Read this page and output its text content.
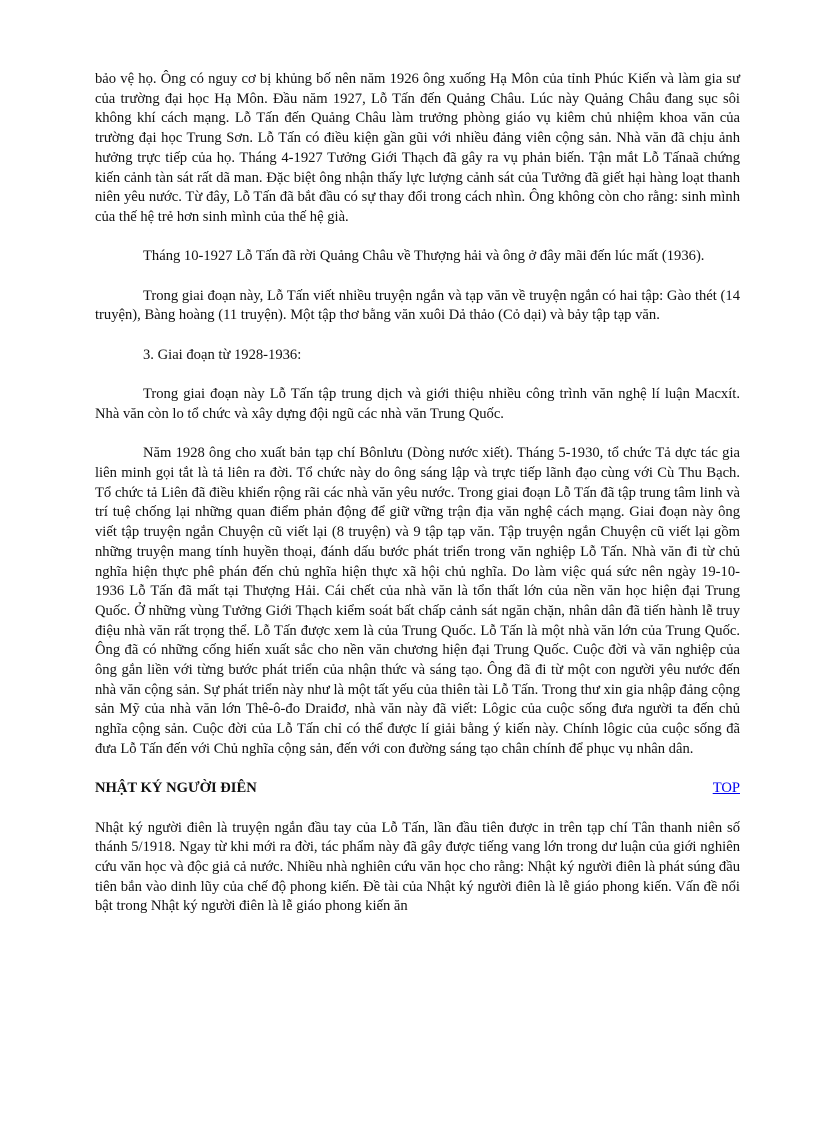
bảo vệ họ. Ông có nguy cơ bị khủng bố nên năm 1926 ông xuống Hạ Môn của tỉnh Phúc Kiến và làm gia sư của trường đại học Hạ Môn. Đầu năm 1927, Lỗ Tấn đến Quảng Châu. Lúc này Quảng Châu đang sục sôi không khí cách mạng. Lỗ Tấn đến Quảng Châu làm trưởng phòng giáo vụ kiêm chủ nhiệm khoa văn của trường đại học Trung Sơn. Lỗ Tấn có điều kiện gần gũi với nhiều đảng viên cộng sản. Nhà văn đã chịu ảnh hưởng trực tiếp của họ. Tháng 4-1927 Tưởng Giới Thạch đã gây ra vụ phản biến. Tận mắt Lỗ Tấnaã chứng kiến cảnh tàn sát rất dã man. Đặc biệt ông nhận thấy lực lượng cảnh sát của Tưởng đã giết hại hàng loạt thanh niên yêu nước. Từ đây, Lỗ Tấn đã bắt đầu có sự thay đổi trong cách nhìn. Ông không còn cho rằng: sinh mình của thế hệ trẻ hơn sinh mình của thế hệ già.

Tháng 10-1927 Lỗ Tấn đã rời Quảng Châu về Thượng hải và ông ở đây mãi đến lúc mất (1936).

Trong giai đoạn này, Lỗ Tấn viết nhiều truyện ngắn và tạp văn về truyện ngắn có hai tập: Gào thét (14 truyện), Bàng hoàng (11 truyện). Một tập thơ bằng văn xuôi Dả thảo (Cỏ dại) và bảy tập tạp văn.

3. Giai đoạn từ 1928-1936:

Trong giai đoạn này Lỗ Tấn tập trung dịch và giới thiệu nhiều công trình văn nghệ lí luận Macxít. Nhà văn còn lo tổ chức và xây dựng đội ngũ các nhà văn Trung Quốc.

Năm 1928 ông cho xuất bản tạp chí Bônlưu (Dòng nước xiết). Tháng 5-1930, tổ chức Tả dực tác gia liên minh gọi tắt là tả liên ra đời. Tổ chức này do ông sáng lập và trực tiếp lãnh đạo cùng với Cù Thu Bạch. Tổ chức tả Liên đã điều khiển rộng rãi các nhà văn yêu nước. Trong giai đoạn Lỗ Tấn đã tập trung tâm linh và trí tuệ chống lại những quan điểm phản động để giữ vững trận địa văn nghệ cách mạng. Giai đoạn này ông viết tập truyện ngắn Chuyện cũ viết lại (8 truyện) và 9 tập tạp văn. Tập truyện ngắn Chuyện cũ viết lại gồm những truyện mang tính huyền thoại, đánh dấu bước phát triển trong văn nghiệp Lỗ Tấn. Nhà văn đi từ chủ nghĩa hiện thực phê phán đến chủ nghĩa hiện thực xã hội chủ nghĩa. Do làm việc quá sức nên ngày 19-10-1936 Lỗ Tấn đã mất tại Thượng Hải. Cái chết của nhà văn là tổn thất lớn của nền văn học hiện đại Trung Quốc. Ở những vùng Tưởng Giới Thạch kiểm soát bất chấp cảnh sát ngăn chặn, nhân dân đã tiến hành lễ truy điệu nhà văn rất trọng thể. Lỗ Tấn được xem là của Trung Quốc. Lỗ Tấn là một nhà văn lớn của Trung Quốc. Ông đã có những cống hiến xuất sắc cho nền văn chương hiện đại Trung Quốc. Cuộc đời và văn nghiệp của ông gắn liền với từng bước phát triển của nhận thức và sáng tạo. Ông đã đi từ một con người yêu nước đến nhà văn cộng sản. Sự phát triển này như là một tất yếu của thiên tài Lỗ Tấn. Trong thư xin gia nhập đảng cộng sản Mỹ của nhà văn lớn Thê-ô-đo Draiđơ, nhà văn này đã viết: Lôgic của cuộc sống đưa người ta đến chủ nghĩa cộng sản. Cuộc đời của Lỗ Tấn chỉ có thể được lí giải bằng ý kiến này. Chính lôgic của cuộc sống đã đưa Lỗ Tấn đến với Chủ nghĩa cộng sản, đến với con đường sáng tạo chân chính để phục vụ nhân dân.

NHẬT KÝ NGƯỜI ĐIÊN	TOP

Nhật ký người điên là truyện ngắn đầu tay của Lỗ Tấn, lần đầu tiên được in trên tạp chí Tân thanh niên số thánh 5/1918. Ngay từ khi mới ra đời, tác phẩm này đã gây được tiếng vang lớn trong dư luận của giới nghiên cứu văn học và độc giả cả nước. Nhiều nhà nghiên cứu văn học cho rằng: Nhật ký người điên là phát súng đầu tiên bắn vào dinh lũy của chế độ phong kiến. Đề tài của Nhật ký người điên là lễ giáo phong kiến. Vấn đề nổi bật trong Nhật ký người điên là lễ giáo phong kiến ăn
